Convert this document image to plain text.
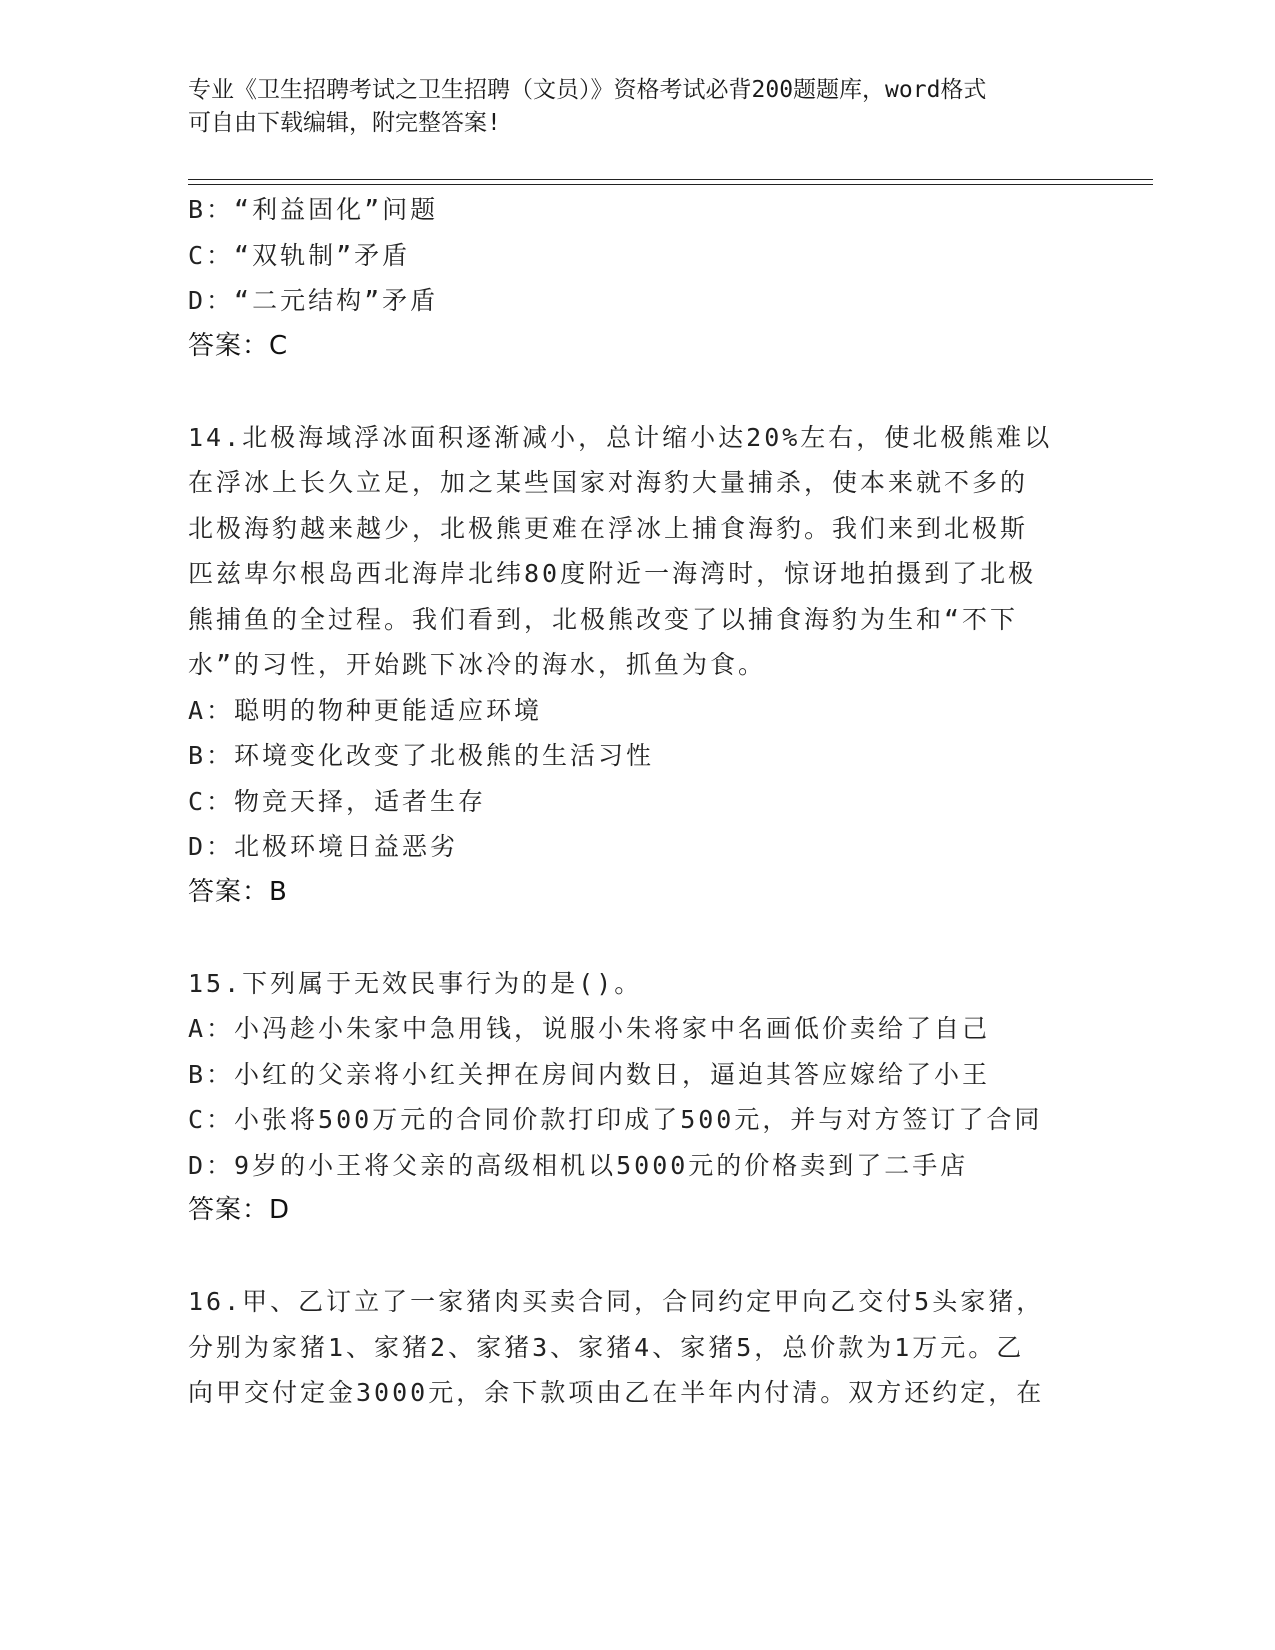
专业《卫生招聘考试之卫生招聘（文员）》资格考试必背200题题库，word格式
可自由下载编辑，附完整答案!
B：“利益固化”问题
C：“双轨制”矛盾
D：“二元结构”矛盾
答案：C
14.北极海域浮冰面积逐渐减小，总计缩小达20%左右，使北极熊难以
在浮冰上长久立足，加之某些国家对海豹大量捕杀，使本来就不多的
北极海豹越来越少，北极熊更难在浮冰上捕食海豹。我们来到北极斯
匹兹卑尔根岛西北海岸北纬80度附近一海湾时，惊讶地拍摄到了北极
熊捕鱼的全过程。我们看到，北极熊改变了以捕食海豹为生和“不下
水”的习性，开始跳下冰冷的海水，抓鱼为食。
A：聪明的物种更能适应环境
B：环境变化改变了北极熊的生活习性
C：物竞天择，适者生存
D：北极环境日益恶劣
答案：B
15.下列属于无效民事行为的是()。
A：小冯趁小朱家中急用钱，说服小朱将家中名画低价卖给了自己
B：小红的父亲将小红关押在房间内数日，逼迫其答应嫁给了小王
C：小张将500万元的合同价款打印成了500元，并与对方签订了合同
D：9岁的小王将父亲的高级相机以5000元的价格卖到了二手店
答案：D
16.甲、乙订立了一家猪肉买卖合同，合同约定甲向乙交付5头家猪，
分别为家猪1、家猪2、家猪3、家猪4、家猪5，总价款为1万元。乙
向甲交付定金3000元，余下款项由乙在半年内付清。双方还约定，在
